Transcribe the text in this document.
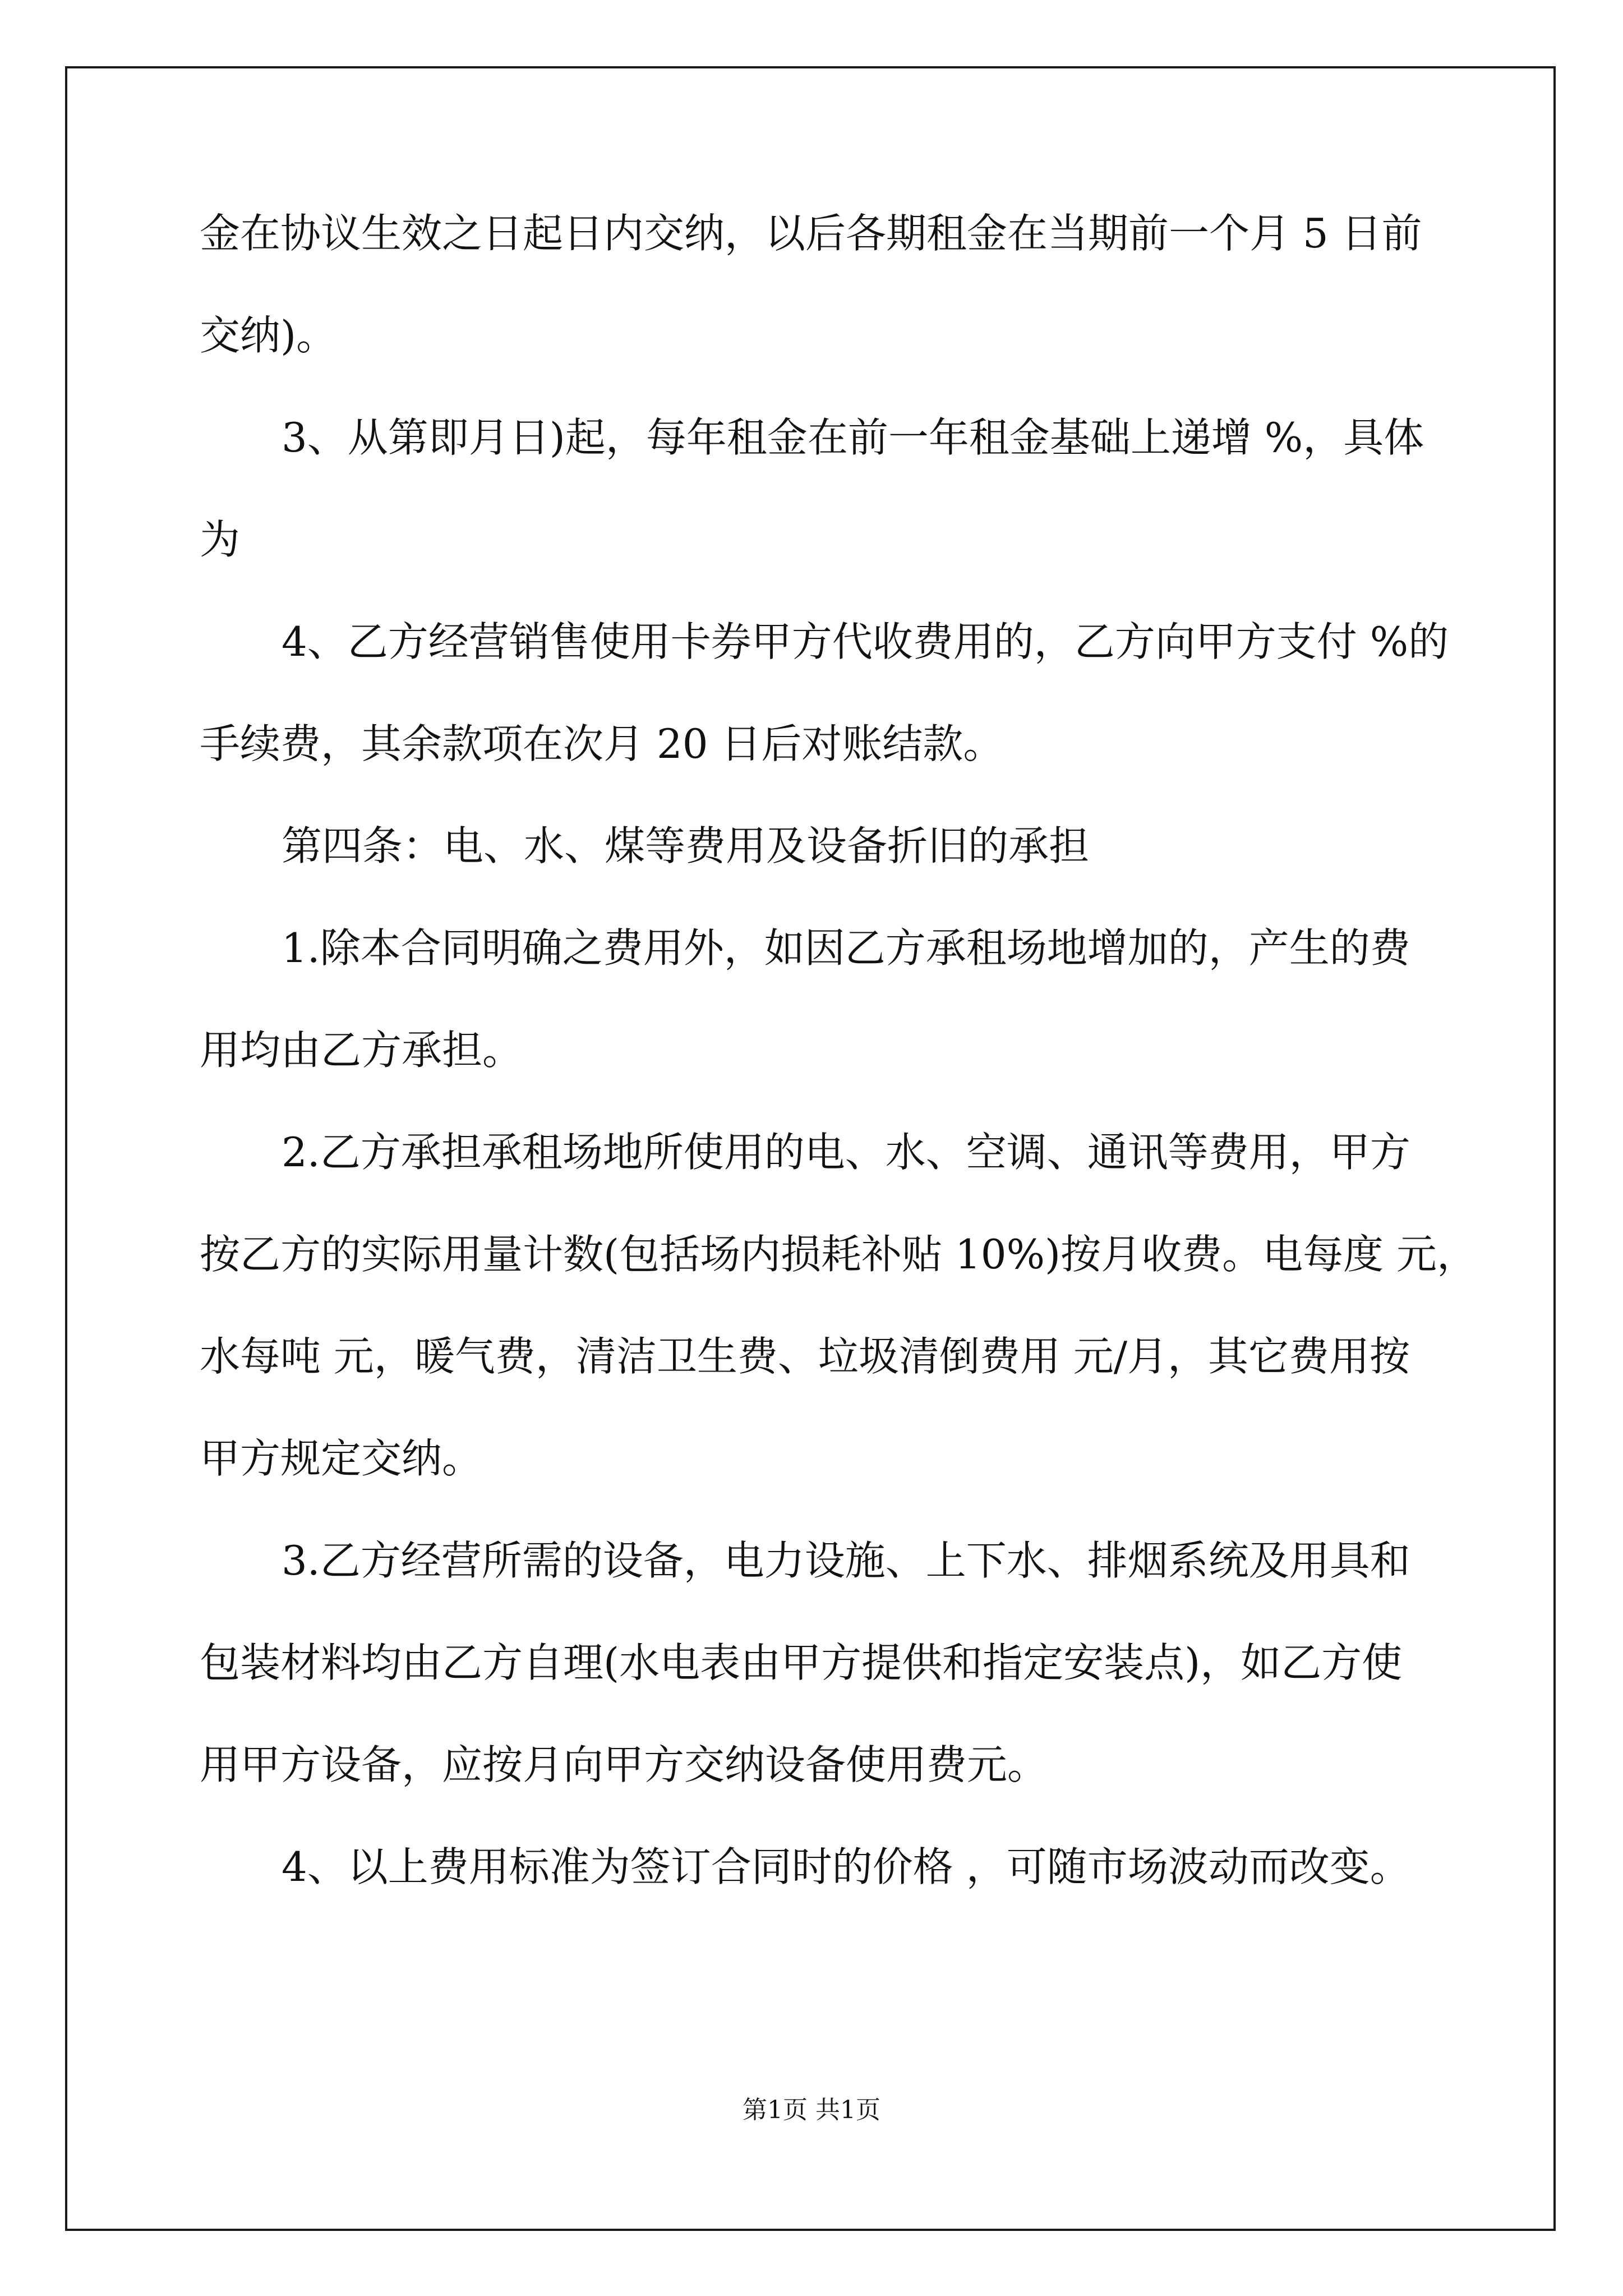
金在协议生效之日起日内交纳，以后各期租金在当期前一个月 5 日前
交纳)。
3、从第即月日)起，每年租金在前一年租金基础上递增 %，具体
为
4、乙方经营销售使用卡券甲方代收费用的，乙方向甲方支付 %的
手续费，其余款项在次月 20 日后对账结款。
第四条：电、水、煤等费用及设备折旧的承担
1.除本合同明确之费用外，如因乙方承租场地增加的，产生的费
用均由乙方承担。
2.乙方承担承租场地所使用的电、水、空调、通讯等费用，甲方
按乙方的实际用量计数(包括场内损耗补贴 10%)按月收费。电每度 元，
水每吨 元，暖气费，清洁卫生费、垃圾清倒费用 元/月，其它费用按
甲方规定交纳。
3.乙方经营所需的设备，电力设施、上下水、排烟系统及用具和
包装材料均由乙方自理(水电表由甲方提供和指定安装点)，如乙方使
用甲方设备，应按月向甲方交纳设备使用费元。
4、以上费用标准为签订合同时的价格 ，可随市场波动而改变。
第1页 共1页
